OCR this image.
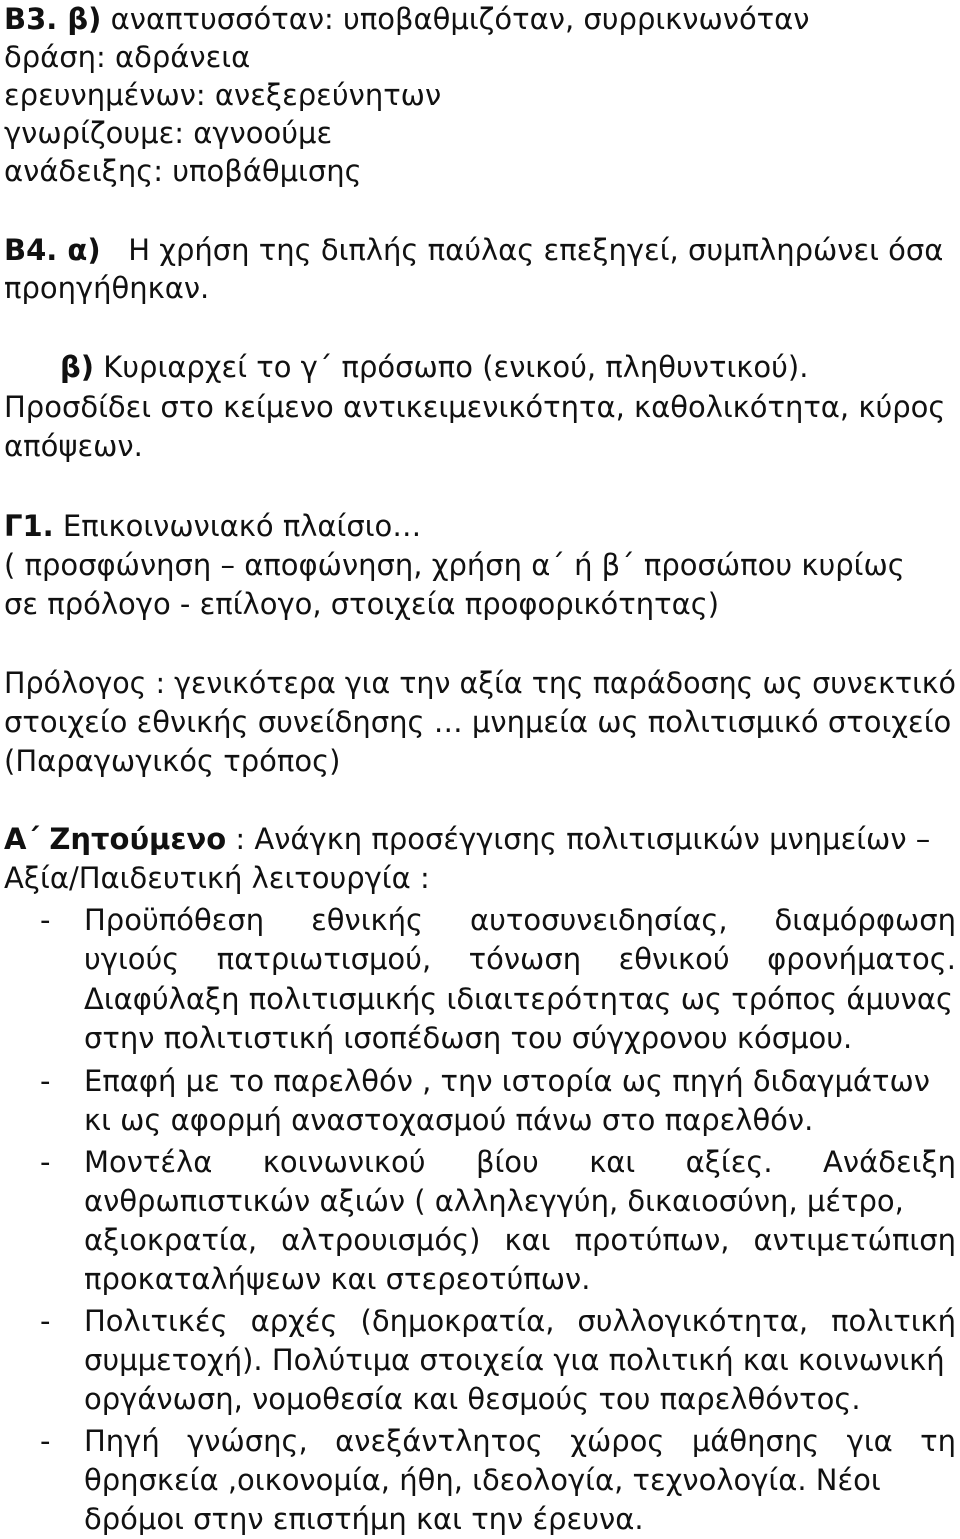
Β3. β) αναπτυσσόταν: υποβαθμιζόταν, συρρικνωνόταν
δράση: αδράνεια
ερευνημένων: ανεξερεύνητων
γνωρίζουμε: αγνοούμε
ανάδειξης: υποβάθμισης
Β4. α) Η χρήση της διπλής παύλας επεξηγεί, συμπληρώνει όσα
προηγήθηκαν.
β) Κυριαρχεί το γ΄ πρόσωπο (ενικού, πληθυντικού).
Προσδίδει στο κείμενο αντικειμενικότητα, καθολικότητα, κύρος
απόψεων.
Γ1. Επικοινωνιακό πλαίσιο…
( προσφώνηση – αποφώνηση, χρήση α΄ ή β΄ προσώπου κυρίως
σε πρόλογο - επίλογο, στοιχεία προφορικότητας)
Πρόλογος : γενικότερα για την αξία της παράδοσης ως συνεκτικό
στοιχείο εθνικής συνείδησης … μνημεία ως πολιτισμικό στοιχείο
(Παραγωγικός τρόπος)
Α΄ Ζητούμενο : Ανάγκη προσέγγισης πολιτισμικών μνημείων –
Αξία/Παιδευτική λειτουργία :
- Προϋπόθεση εθνικής αυτοσυνειδησίας, διαμόρφωση
υγιούς πατριωτισμού, τόνωση εθνικού φρονήματος.
Διαφύλαξη πολιτισμικής ιδιαιτερότητας ως τρόπος άμυνας
στην πολιτιστική ισοπέδωση του σύγχρονου κόσμου.
- Επαφή με το παρελθόν , την ιστορία ως πηγή διδαγμάτων
κι ως αφορμή αναστοχασμού πάνω στο παρελθόν.
- Μοντέλα κοινωνικού βίου και αξίες. Ανάδειξη
ανθρωπιστικών αξιών ( αλληλεγγύη, δικαιοσύνη, μέτρο,
αξιοκρατία, αλτρουισμός) και προτύπων, αντιμετώπιση
προκαταλήψεων και στερεοτύπων.
- Πολιτικές αρχές (δημοκρατία, συλλογικότητα, πολιτική
συμμετοχή). Πολύτιμα στοιχεία για πολιτική και κοινωνική
οργάνωση, νομοθεσία και θεσμούς του παρελθόντος.
- Πηγή γνώσης, ανεξάντλητος χώρος μάθησης για τη
θρησκεία ,οικονομία, ήθη, ιδεολογία, τεχνολογία. Νέοι
δρόμοι στην επιστήμη και την έρευνα.
